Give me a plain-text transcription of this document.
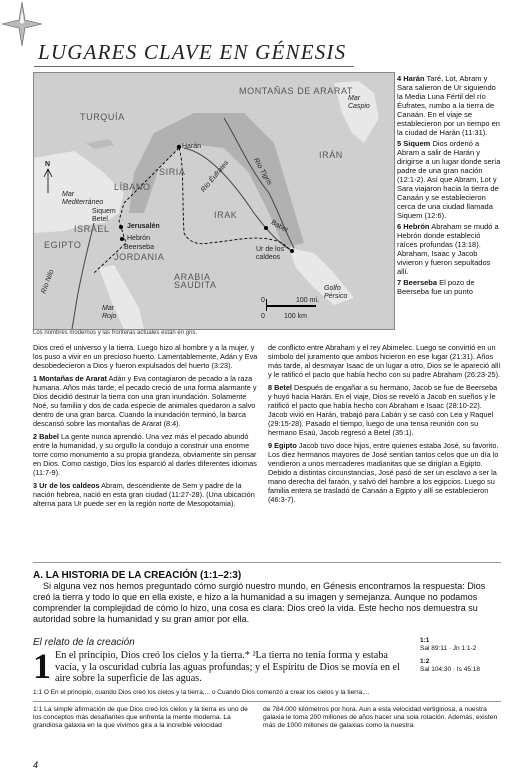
LUGARES CLAVE EN GÉNESIS
MONTAÑAS DE ARARAT
Mar Caspio
TURQUÍA
Harán
SIRIA Río Éufrates	Río Tigris
IRÁN
Mar Mediterráneo
LÍBANO
Siquem
Betel
Jerusalén
ISRAEL
Hebrón
Beerseba
JORDANIA
EGIPTO
Río Nilo
IRAK
Babel
Ur de los caldeos
ARABIA SAUDITA	Golfo Pérsico
Mar Rojo
N
0	100 mi.
0	100 km
Los nombres modernos y las fronteras actuales están en gris.
4 Harán Taré, Lot, Abram y Sara salieron de Ur siguiendo la Media Luna Fértil del río Éufrates, rumbo a la tierra de Canaán. En el viaje se establecieron por un tiempo en la ciudad de Harán (11:31).
5 Siquem Dios ordenó a Abram a salir de Harán y dirigirse a un lugar donde sería padre de una gran nación (12:1-2). Así que Abram, Lot y Sara viajaron hacia la tierra de Canaán y se establecieron cerca de una ciudad llamada Siquem (12:6).
6 Hebrón Abraham se mudó a Hebrón donde estableció raíces profundas (13:18). Abraham, Isaac y Jacob vivieron y fueron sepultados allí.
7 Beerseba El pozo de Beerseba fue un punto

Dios creó el universo y la tierra. Luego hizo al hombre y a la mujer, y los puso a vivir en un precioso huerto. Lamentablemente, Adán y Eva desobedecieron a Dios y fueron expulsados del huerto (3:23).

1 Montañas de Ararat Adán y Eva contagiaron de pecado a la raza humana. Años más tarde, el pecado creció de una forma alarmante y Dios decidió destruir la tierra con una gran inundación. Solamente Noé, su familia y dos de cada especie de animales quedaron a salvo dentro de una gran barca. Cuando la inundación terminó, la barca descansó sobre las montañas de Ararat (8:4).

2 Babel La gente nunca aprendió. Una vez más el pecado abundó entre la humanidad, y su orgullo la condujo a construir una enorme torre como monumento a su propia grandeza, obviamente sin pensar en Dios. Como castigo, Dios los esparció al darles diferentes idiomas (11:7-9).

3 Ur de los caldeos Abram, descendiente de Sem y padre de la nación hebrea, nació en esta gran ciudad (11:27-28). (Una ubicación alterna para Ur puede ser en la región norte de Mesopotamia).

de conflicto entre Abraham y el rey Abimelec. Luego se convirtió en un símbolo del juramento que ambos hicieron en ese lugar (21:31). Años más tarde, al desmayar Isaac de un lugar a otro, Dios se le apareció allí y le ratificó el pacto que había hecho con su padre Abraham (26:23-25).

8 Betel Después de engañar a su hermano, Jacob se fue de Beerseba y huyó hacia Harán. En el viaje, Dios se reveló a Jacob en sueños y le ratificó el pacto que había hecho con Abraham e Isaac (28:10-22). Jacob vivió en Harán, trabajó para Labán y se casó con Lea y Raquel (29:15-28). Pasado el tiempo, luego de una tensa reunión con su hermano Esaú, Jacob regresó a Betel (35:1).

9 Egipto Jacob tuvo doce hijos, entre quienes estaba José, su favorito. Los diez hermanos mayores de José sentían tantos celos que un día lo vendieron a unos mercaderes madianitas que se dirigían a Egipto. Debido a distintas circunstancias, José pasó de ser un esclavo a ser la mano derecha del faraón, y salvó del hambre a los egipcios. Luego su familia entera se trasladó de Canaán a Egipto y allí se establecieron (46:3-7).

A. LA HISTORIA DE LA CREACIÓN (1:1–2:3)
Si alguna vez nos hemos preguntado cómo surgió nuestro mundo, en Génesis encontramos la respuesta: Dios creó la tierra y todo lo que en ella existe, e hizo a la humanidad a su imagen y semejanza. Aunque no podamos comprender la complejidad de cómo lo hizo, una cosa es clara: Dios creó la vida. Este hecho nos demuestra su autoridad sobre la humanidad y su gran amor por ella.
El relato de la creación
1 En el principio, Dios creó los cielos y la tierra.* ²La tierra no tenía forma y estaba vacía, y la oscuridad cubría las aguas profundas; y el Espíritu de Dios se movía en el aire sobre la superficie de las aguas.
1:1
Sal 89:11 · Jn 1:1-2
1:2
Sal 104:30 · Is 45:18
1:1 O En el principio, cuando Dios creó los cielos y la tierra,... o Cuando Dios comenzó a crear los cielos y la tierra,...
1:1 La simple afirmación de que Dios creó los cielos y la tierra es uno de los conceptos más desafiantes que enfrenta la mente moderna. La grandiosa galaxia en la que vivimos gira a la increíble velocidad
de 784.000 kilómetros por hora. Aun a esta velocidad vertiginosa, a nuestra galaxia le toma 200 millones de años hacer una sola rotación. Además, existen más de 1000 millones de galaxias como la nuestra.
4
